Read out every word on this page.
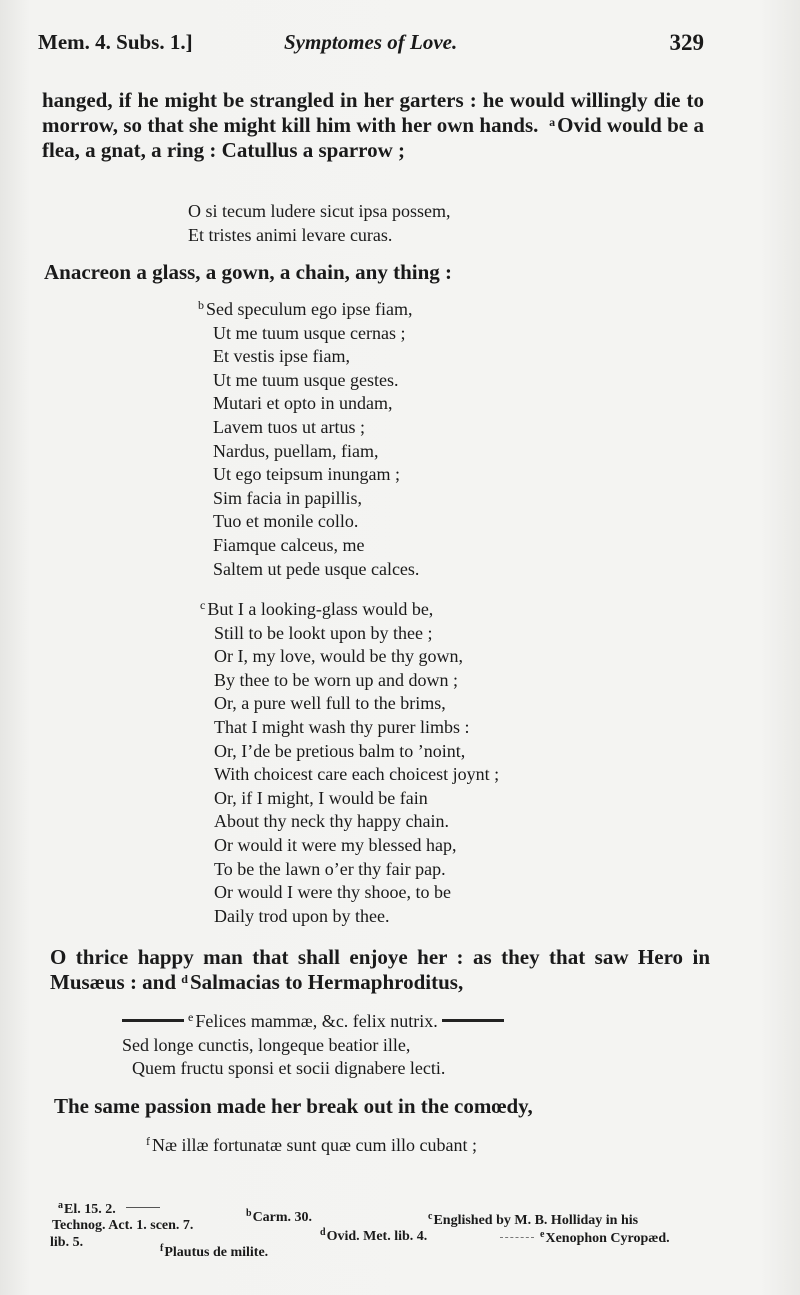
Mem. 4. Subs. 1.]	Symptomes of Love.	329
hanged, if he might be strangled in her garters : he would willingly die to morrow, so that she might kill him with her own hands. $^a$Ovid would be a flea, a gnat, a ring : Catullus a sparrow ;
O si tecum ludere sicut ipsa possem,
Et tristes animi levare curas.
Anacreon a glass, a gown, a chain, any thing :
$^b$ Sed speculum ego ipse fiam,
Ut me tuum usque cernas ;
Et vestis ipse fiam,
Ut me tuum usque gestes.
Mutari et opto in undam,
Lavem tuos ut artus ;
Nardus, puellam, fiam,
Ut ego teipsum inungam ;
Sim facia in papillis,
Tuo et monile collo.
Fiamque calceus, me
Saltem ut pede usque calces.
$^c$ But I a looking-glass would be,
Still to be lookt upon by thee ;
Or I, my love, would be thy gown,
By thee to be worn up and down ;
Or, a pure well full to the brims,
That I might wash thy purer limbs :
Or, I’de be pretious balm to ’noint,
With choicest care each choicest joynt ;
Or, if I might, I would be fain
About thy neck thy happy chain.
Or would it were my blessed hap,
To be the lawn o’er thy fair pap.
Or would I were thy shooe, to be
Daily trod upon by thee.
O thrice happy man that shall enjoye her : as they that saw Hero in Musæus : and $^d$Salmacias to Hermaphroditus,
$^e$ Felices mammæ, &c. felix nutrix.
Sed longe cunctis, longeque beatior ille,
Quem fructu sponsi et socii dignabere lecti.
The same passion made her break out in the comœdy,
$^f$ Næ illæ fortunatæ sunt quæ cum illo cubant ;
$^a$El. 15. 2.	$^b$Carm. 30.	$^c$Englished by M. B. Holliday in his
Technog. Act. 1. scen. 7.	$^d$Ovid. Met. lib. 4.	$^e$Xenophon Cyropæd.
lib. 5.	$^f$Plautus de milite.
